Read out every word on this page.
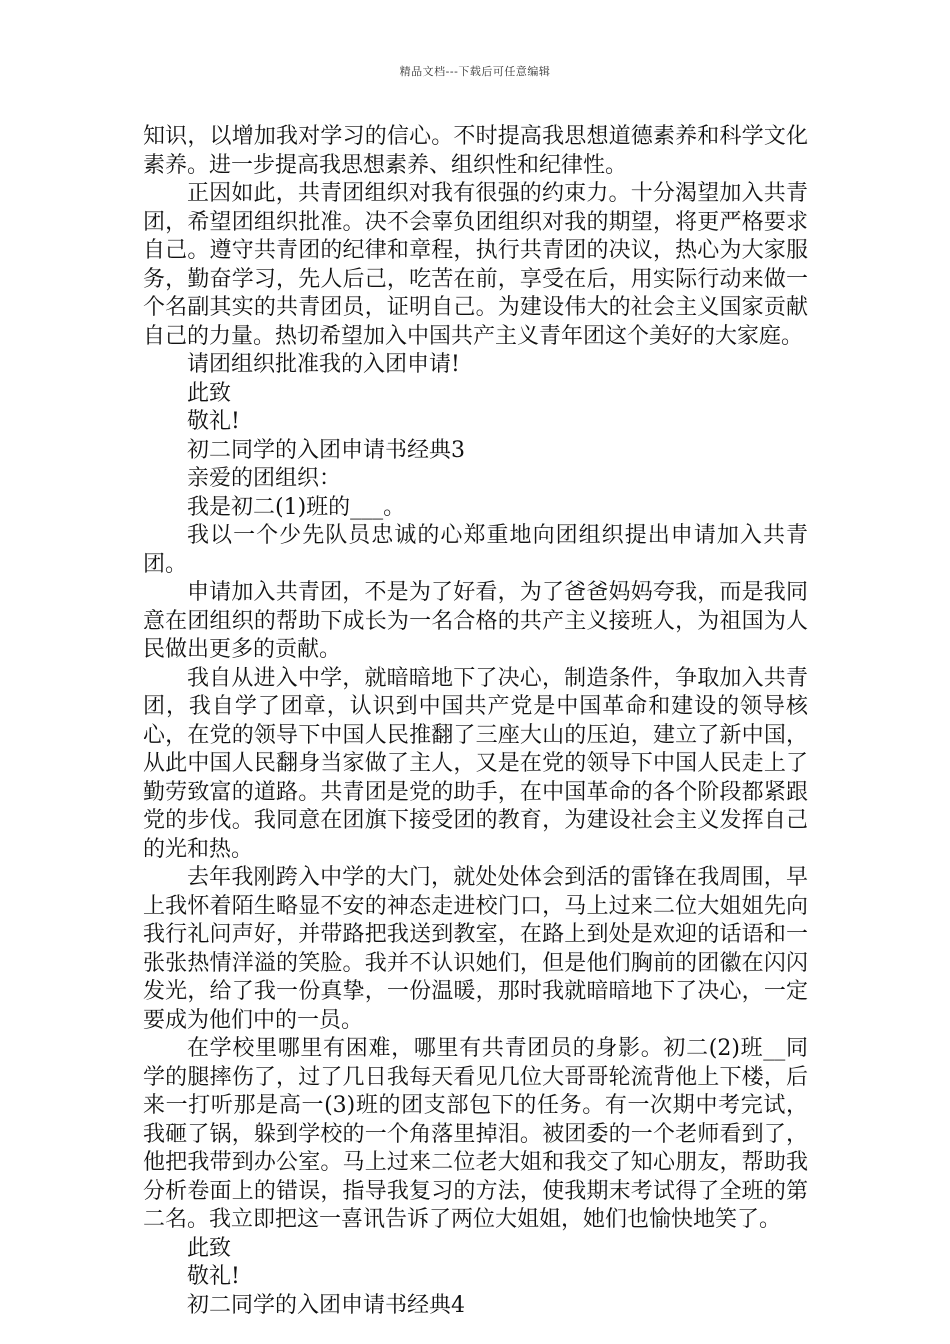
精品文档---下载后可任意编辑

知识，以增加我对学习的信心。不时提高我思想道德素养和科学文化素养。进一步提高我思想素养、组织性和纪律性。

正因如此，共青团组织对我有很强的约束力。十分渴望加入共青团，希望团组织批准。决不会辜负团组织对我的期望，将更严格要求自己。遵守共青团的纪律和章程，执行共青团的决议，热心为大家服务，勤奋学习，先人后己，吃苦在前，享受在后，用实际行动来做一个名副其实的共青团员，证明自己。为建设伟大的社会主义国家贡献自己的力量。热切希望加入中国共产主义青年团这个美好的大家庭。

请团组织批准我的入团申请!

此致

敬礼!

初二同学的入团申请书经典3

亲爱的团组织：

我是初二(1)班的___。

我以一个少先队员忠诚的心郑重地向团组织提出申请加入共青团。

申请加入共青团，不是为了好看，为了爸爸妈妈夸我，而是我同意在团组织的帮助下成长为一名合格的共产主义接班人，为祖国为人民做出更多的贡献。

我自从进入中学，就暗暗地下了决心，制造条件，争取加入共青团，我自学了团章，认识到中国共产党是中国革命和建设的领导核心，在党的领导下中国人民推翻了三座大山的压迫，建立了新中国，从此中国人民翻身当家做了主人，又是在党的领导下中国人民走上了勤劳致富的道路。共青团是党的助手，在中国革命的各个阶段都紧跟党的步伐。我同意在团旗下接受团的教育，为建设社会主义发挥自己的光和热。

去年我刚跨入中学的大门，就处处体会到活的雷锋在我周围，早上我怀着陌生略显不安的神态走进校门口，马上过来二位大姐姐先向我行礼问声好，并带路把我送到教室，在路上到处是欢迎的话语和一张张热情洋溢的笑脸。我并不认识她们，但是他们胸前的团徽在闪闪发光，给了我一份真挚，一份温暖，那时我就暗暗地下了决心，一定要成为他们中的一员。

在学校里哪里有困难，哪里有共青团员的身影。初二(2)班__同学的腿摔伤了，过了几日我每天看见几位大哥哥轮流背他上下楼，后来一打听那是高一(3)班的团支部包下的任务。有一次期中考完试，我砸了锅，躲到学校的一个角落里掉泪。被团委的一个老师看到了，他把我带到办公室。马上过来二位老大姐和我交了知心朋友，帮助我分析卷面上的错误，指导我复习的方法，使我期末考试得了全班的第二名。我立即把这一喜讯告诉了两位大姐姐，她们也愉快地笑了。

此致

敬礼!

初二同学的入团申请书经典4
